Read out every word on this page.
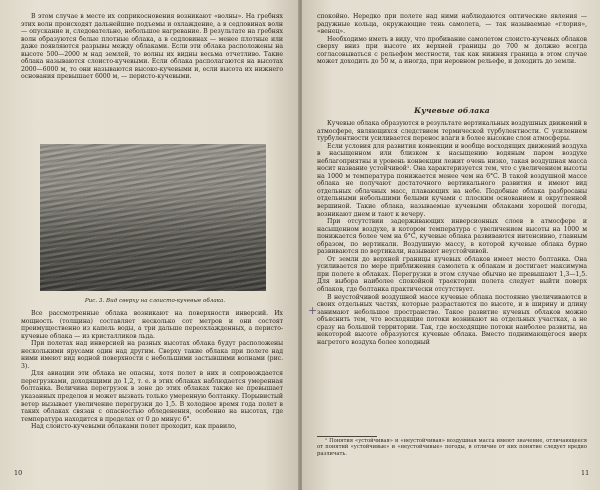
В этом случае в месте их соприкосновения возникают «волны». На гребнях этих волн происходят дальнейшие подъемы и охлаждение, а в седловинах волн — опускание и, следовательно, небольшое нагревание. В результате на гребнях волн образуются белые плотные облака, а в седловинах — менее плотные или даже появляются разрывы между облаками. Если эти облака расположены на высоте 500—2000 м над землей, то волны их видны весьма отчетливо. Такие облака называются слоисто-кучевыми. Если облака располагаются на высотах 2000—6000 м, то они называются высоко-кучевыми и, если высота их нижнего основания превышает 6000 м, — перисто-кучевыми.

Рис. 3. Вид сверху на слоисто-кучевые облака.

Все рассмотренные облака возникают на поверхности инверсий. Их мощность (толщина) составляет несколько сот метров и они состоят преимущественно из капель воды, а три дальше переохлажденных, а перисто-кучевые облака — из кристалликов льда.

При полетах над инверсией на разных высотах облака будут расположены несколькими ярусами один над другим. Сверху такие облака при полете над ними имеют вид водной поверхности с небольшими застывшими волнами (рис. 3).

Для авиации эти облака не опасны, хотя полет в них и сопровождается перегрузками, доходящими до 1,2, т. е. в этих облаках наблюдается умеренная болтанка. Величина перегрузок в зоне до этих облаках также не превышает указанных пределов и может вызвать только умеренную болтанку. Порывистый ветер вызывает увеличение перегрузки до 1,5. В холодное время года полет в таких облаках связан с опасностью обледенения, особенно на высотах, где температура находится в пределах от 0 до минус 6°.

Над слоисто-кучевыми облаками полет проходит, как правило,

10

спокойно. Нередко при полете над ними наблюдаются оптические явления — радужные кольца, окружающие тень самолета, — так называемые «глория», «венец».

Необходимо иметь в виду, что пробивание самолетом слоисто-кучевых облаков сверху вниз при высоте их верхней границы до 700 м должно всегда согласовываться с рельефом местности, так как нижняя граница в этом случае может доходить до 50 м, а иногда, при неровном рельефе, и доходить до земли.

Кучевые облака

Кучевые облака образуются в результате вертикальных воздушных движений в атмосфере, являющихся следствием термической турбулентности. С усилением турбулентности усиливается перенос влаги в более высокие слои атмосферы.

Если условия для развития конвекции и вообще восходящих движений воздуха в насыщенном или близком к насыщению водяным паром воздухе неблагоприятны и уровень конвекции лежит очень низко, такая воздушная масса носит название устойчивой¹. Она характеризуется тем, что с увеличением высоты на 1000 м температура понижается менее чем на 6°С. В такой воздушной массе облака не получают достаточного вертикального развития и имеют вид отдельных облачных масс, плавающих на небе. Подобные облака разбросаны отдельными небольшими белыми кучами с плоским основанием и округленной вершиной. Такие облака, называемые кучевыми облаками хорошей погоды, возникают днем и тают к вечеру.

При отсутствии задерживающих инверсионных слоев в атмосфере и насыщенном воздухе, в котором температура с увеличением высоты на 1000 м понижается более чем на 6°С, кучевые облака развиваются интенсивно, главным образом, по вертикали. Воздушную массу, в которой кучевые облака бурно развиваются по вертикали, называют неустойчивой.

От земли до верхней границы кучевых облаков имеет место болтанка. Она усиливается по мере приближения самолета к облакам и достигает максимума при полете в облаках. Перегрузки в этом случае обычно не превышают 1,3—1,5. Для выбора наиболее спокойной траектории полета следует выйти поверх облаков, где болтанка практически отсутствует.

В неустойчивой воздушной массе кучевые облака постоянно увеличиваются в своих отдельных частях, которые разрастаются по высоте, и в ширину и длину занимают небольшое пространство. Такое развитие кучевых облаков можно объяснить тем, что восходящие потоки возникают на отдельных участках, а не сразу на большой территории. Так, где восходящие потоки наиболее развиты, на некоторой высоте образуются кучевые облака. Вместо поднимающегося вверх нагретого воздуха более холодный

+

¹ Понятия «устойчивая» и «неустойчивая» воздушная масса имеют значение, отличающееся от понятий «устойчивые» и «неустойчивые» погоды, в отличие от них понятие следует вредно различать.

11
